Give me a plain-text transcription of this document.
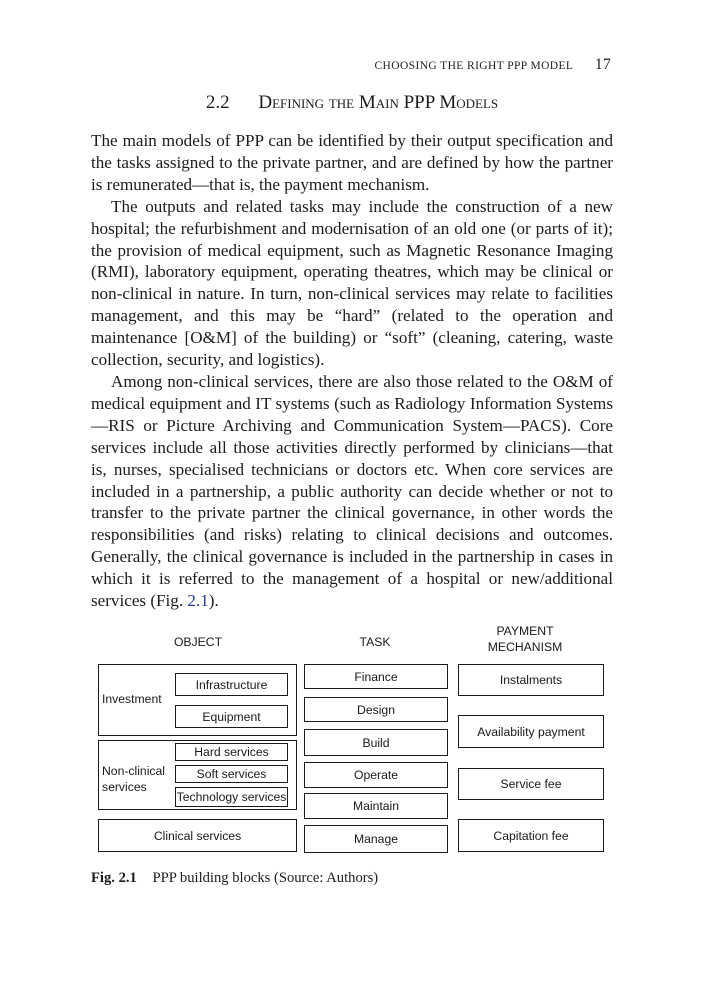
CHOOSING THE RIGHT PPP MODEL 17
2.2 Defining the Main PPP Models

The main models of PPP can be identified by their output specification and the tasks assigned to the private partner, and are defined by how the partner is remunerated—that is, the payment mechanism.

The outputs and related tasks may include the construction of a new hospital; the refurbishment and modernisation of an old one (or parts of it); the provision of medical equipment, such as Magnetic Resonance Imaging (RMI), laboratory equipment, operating theatres, which may be clinical or non-clinical in nature. In turn, non-clinical services may relate to facilities management, and this may be “hard” (related to the operation and maintenance [O&M] of the building) or “soft” (cleaning, catering, waste collection, security, and logistics).

Among non-clinical services, there are also those related to the O&M of medical equipment and IT systems (such as Radiology Information Systems—RIS or Picture Archiving and Communication System—PACS). Core services include all those activities directly performed by clinicians—that is, nurses, specialised technicians or doctors etc. When core services are included in a partnership, a public authority can decide whether or not to transfer to the private partner the clinical governance, in other words the responsibilities (and risks) relating to clinical decisions and outcomes. Generally, the clinical governance is included in the partnership in cases in which it is referred to the management of a hospital or new/additional services (Fig. 2.1).

OBJECT	TASK
PAYMENT
MECHANISM
Investment
Infrastructure
Equipment
Non-clinical
services
Hard services
Soft services
Technology services
Clinical services
Finance
Design
Build
Operate
Maintain
Manage
Instalments
Availability payment
Service fee
Capitation fee
Fig. 2.1 PPP building blocks (Source: Authors)
